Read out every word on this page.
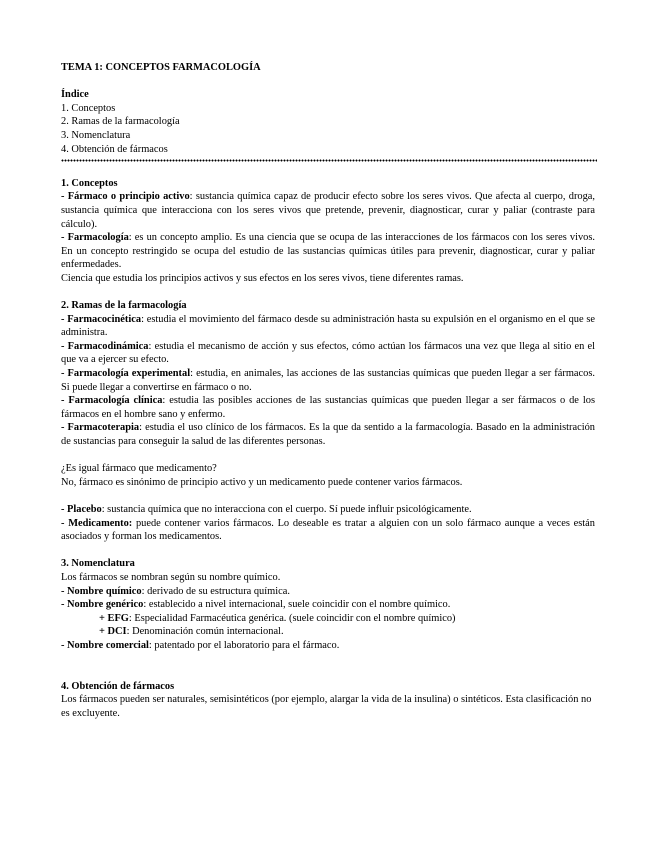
TEMA 1: CONCEPTOS FARMACOLOGÍA

Índice

1. Conceptos

2. Ramas de la farmacología

3. Nomenclatura

4. Obtención de fármacos

1. Conceptos

- Fármaco o principio activo: sustancia química capaz de producir efecto sobre los seres vivos. Que afecta al cuerpo, droga, sustancia química que interacciona con los seres vivos que pretende, prevenir, diagnosticar, curar y paliar (contraste para cálculo).

- Farmacología: es un concepto amplio. Es una ciencia que se ocupa de las interacciones de los fármacos con los seres vivos. En un concepto restringido se ocupa del estudio de las sustancias químicas útiles para prevenir, diagnosticar, curar y paliar enfermedades.

Ciencia que estudia los principios activos y sus efectos en los seres vivos, tiene diferentes ramas.

2. Ramas de la farmacología

- Farmacocinética: estudia el movimiento del fármaco desde su administración hasta su expulsión en el organismo en el que se administra.

- Farmacodinámica: estudia el mecanismo de acción y sus efectos, cómo actúan los fármacos una vez que llega al sitio en el que va a ejercer su efecto.

- Farmacología experimental: estudia, en animales, las acciones de las sustancias químicas que pueden llegar a ser fármacos. Si puede llegar a convertirse en fármaco o no.

- Farmacología clínica: estudia las posibles acciones de las sustancias químicas que pueden llegar a ser fármacos o de los fármacos en el hombre sano y enfermo.

- Farmacoterapia: estudia el uso clínico de los fármacos. Es la que da sentido a la farmacología. Basado en la administración de sustancias para conseguir la salud de las diferentes personas.

¿Es igual fármaco que medicamento?

No, fármaco es sinónimo de principio activo y un medicamento puede contener varios fármacos.

- Placebo: sustancia química que no interacciona con el cuerpo. Sí puede influir psicológicamente.

- Medicamento: puede contener varios fármacos. Lo deseable es tratar a alguien con un solo fármaco aunque a veces están asociados y forman los medicamentos.

3. Nomenclatura

Los fármacos se nombran según su nombre químico.

- Nombre químico: derivado de su estructura química.

- Nombre genérico: establecido a nivel internacional, suele coincidir con el nombre químico.

+ EFG: Especialidad Farmacéutica genérica. (suele coincidir con el nombre químico)

+ DCI: Denominación común internacional.

- Nombre comercial: patentado por el laboratorio para el fármaco.

4. Obtención de fármacos

Los fármacos pueden ser naturales, semisintéticos (por ejemplo, alargar la vida de la insulina) o sintéticos. Esta clasificación no es excluyente.
